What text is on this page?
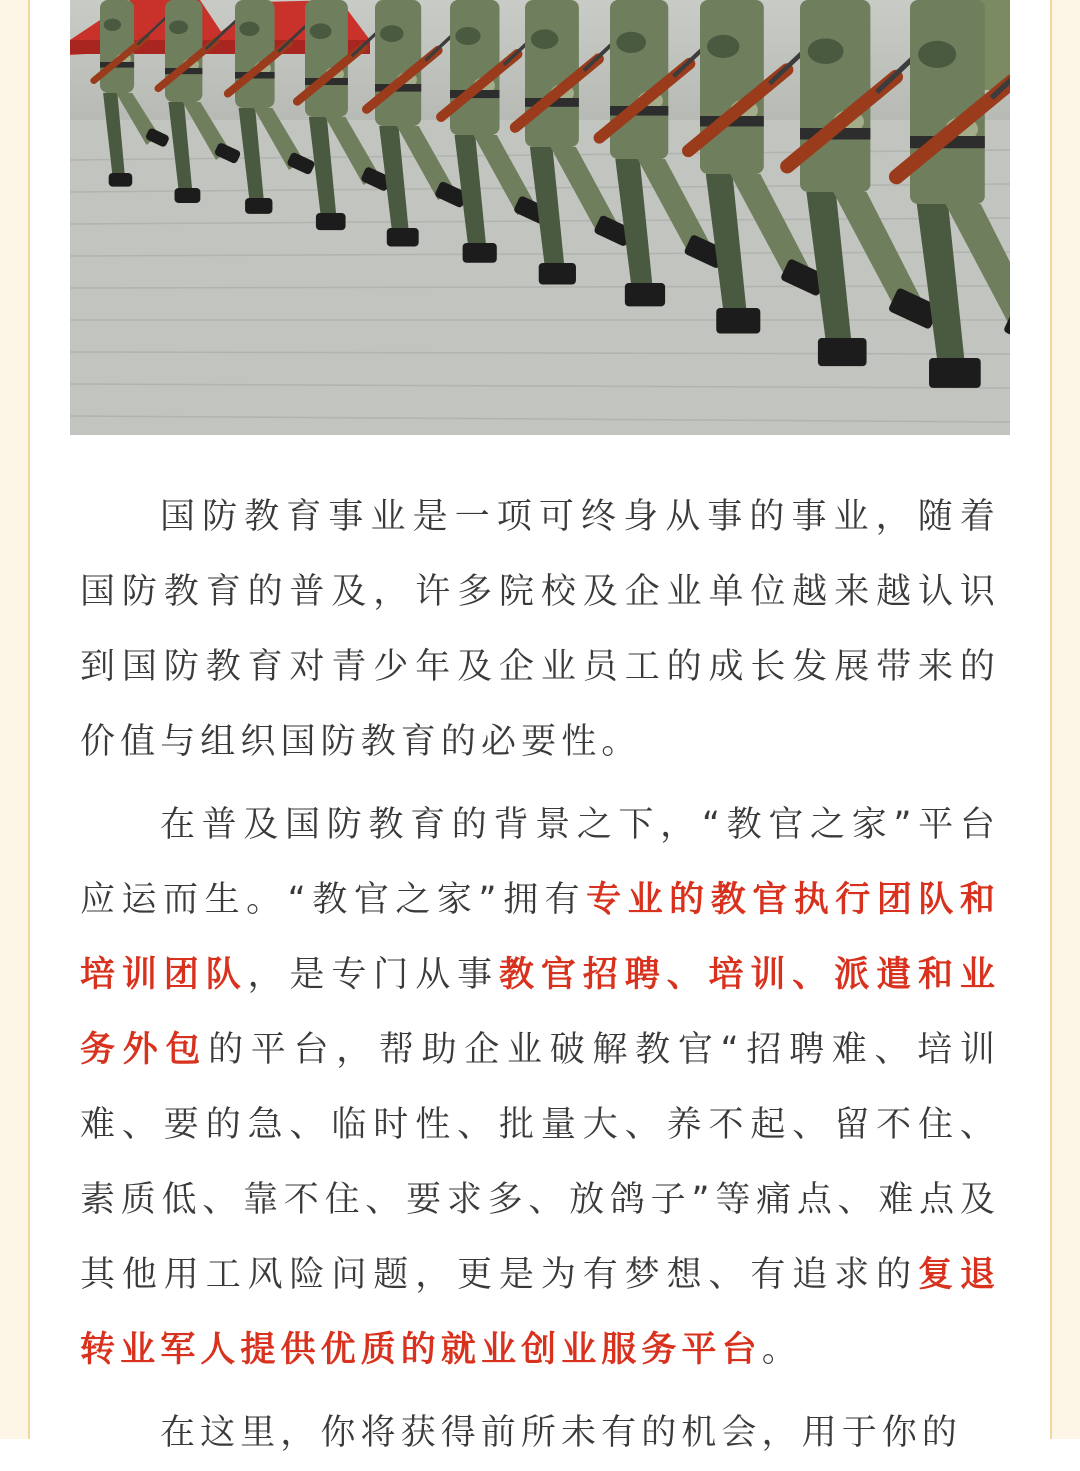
国防教育事业是一项可终身从事的事业，随着国防教育的普及，许多院校及企业单位越来越认识到国防教育对青少年及企业员工的成长发展带来的价值与组织国防教育的必要性。

在普及国防教育的背景之下，“教官之家”平台应运而生。“教官之家”拥有专业的教官执行团队和培训团队，是专门从事教官招聘、培训、派遣和业务外包的平台，帮助企业破解教官“招聘难、培训难、要的急、临时性、批量大、养不起、留不住、素质低、靠不住、要求多、放鸽子”等痛点、难点及其他用工风险问题，更是为有梦想、有追求的复退转业军人提供优质的就业创业服务平台。

在这里，你将获得前所未有的机会，用于你的
